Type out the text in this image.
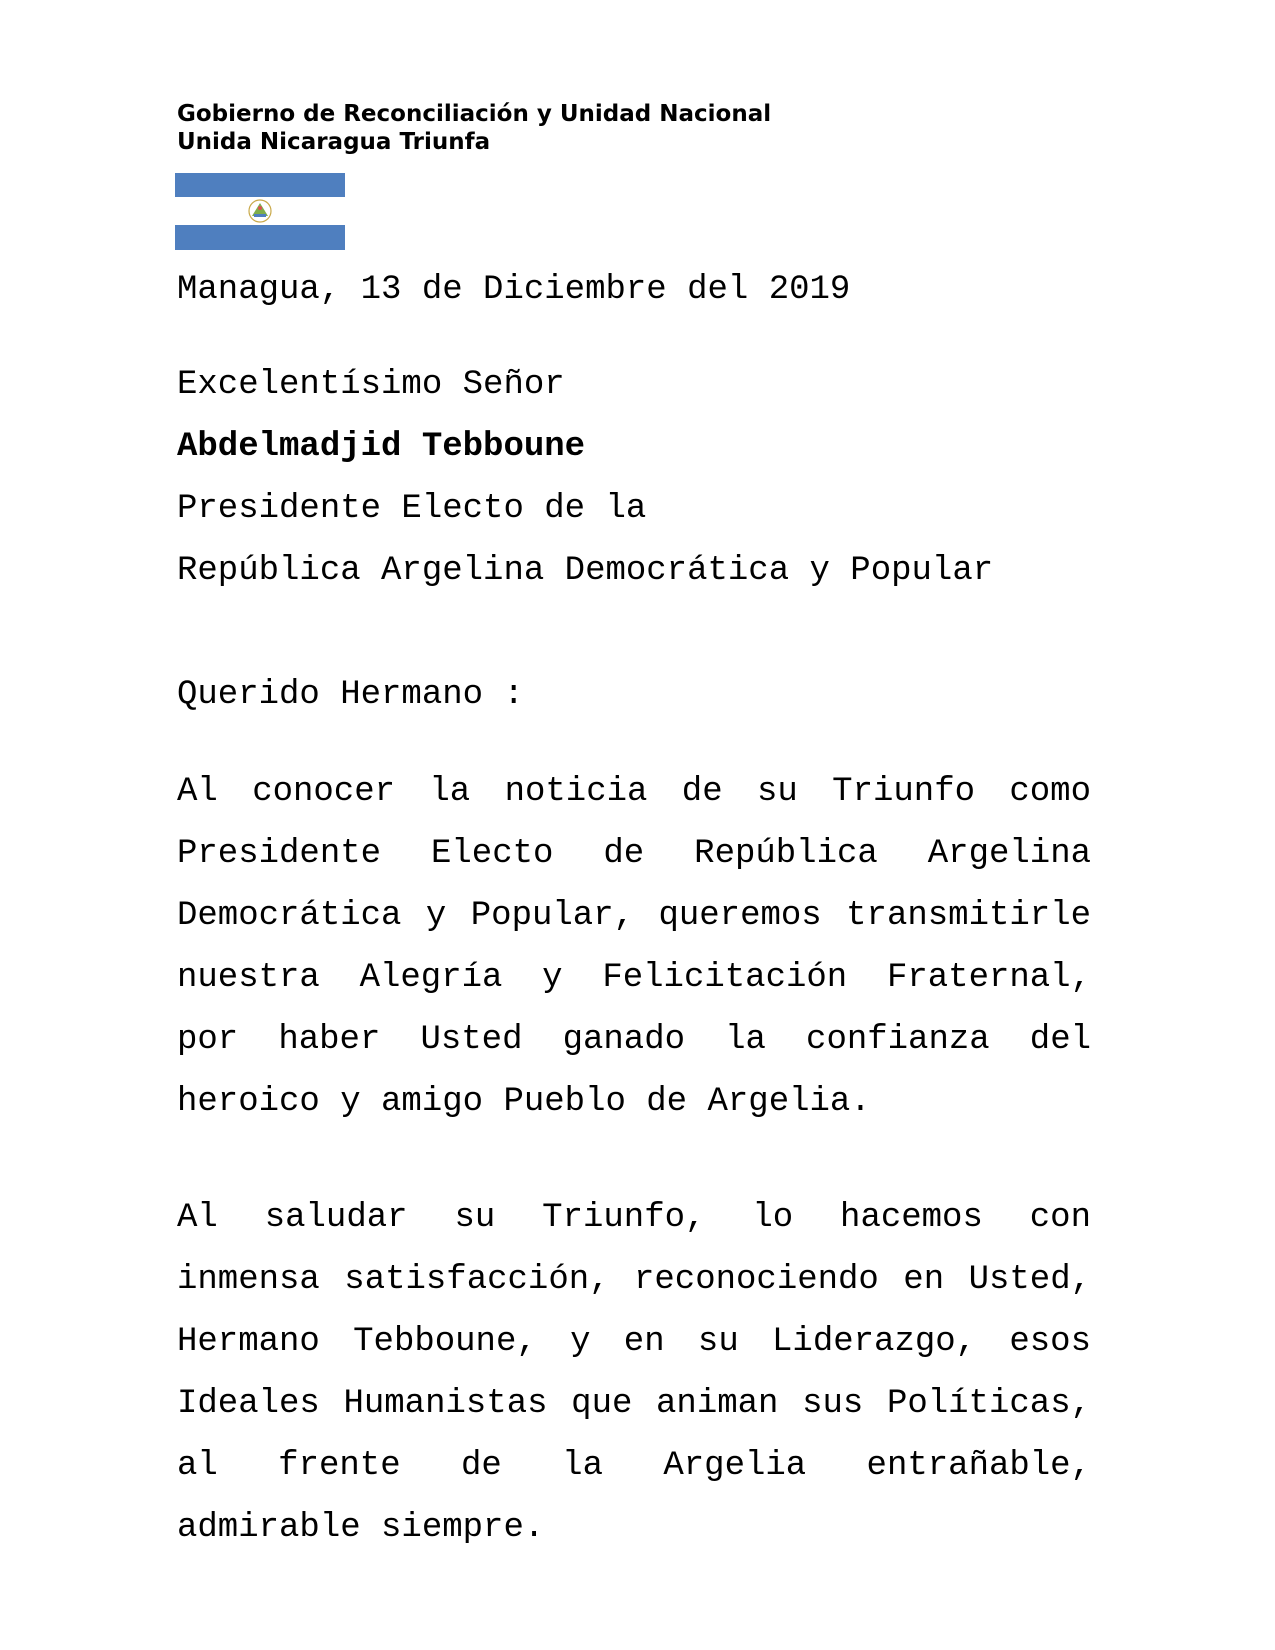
Gobierno de Reconciliación y Unidad Nacional
Unida Nicaragua Triunfa
Managua, 13 de Diciembre del 2019
Excelentísimo Señor
Abdelmadjid Tebboune
Presidente Electo de la
República Argelina Democrática y Popular
Querido Hermano :
Al conocer la noticia de su Triunfo como Presidente Electo de República Argelina Democrática y Popular, queremos transmitirle nuestra Alegría y Felicitación Fraternal, por haber Usted ganado la confianza del heroico y amigo Pueblo de Argelia.
Al saludar su Triunfo, lo hacemos con inmensa satisfacción, reconociendo en Usted, Hermano Tebboune, y en su Liderazgo, esos Ideales Humanistas que animan sus Políticas, al frente de la Argelia entrañable, admirable siempre.
